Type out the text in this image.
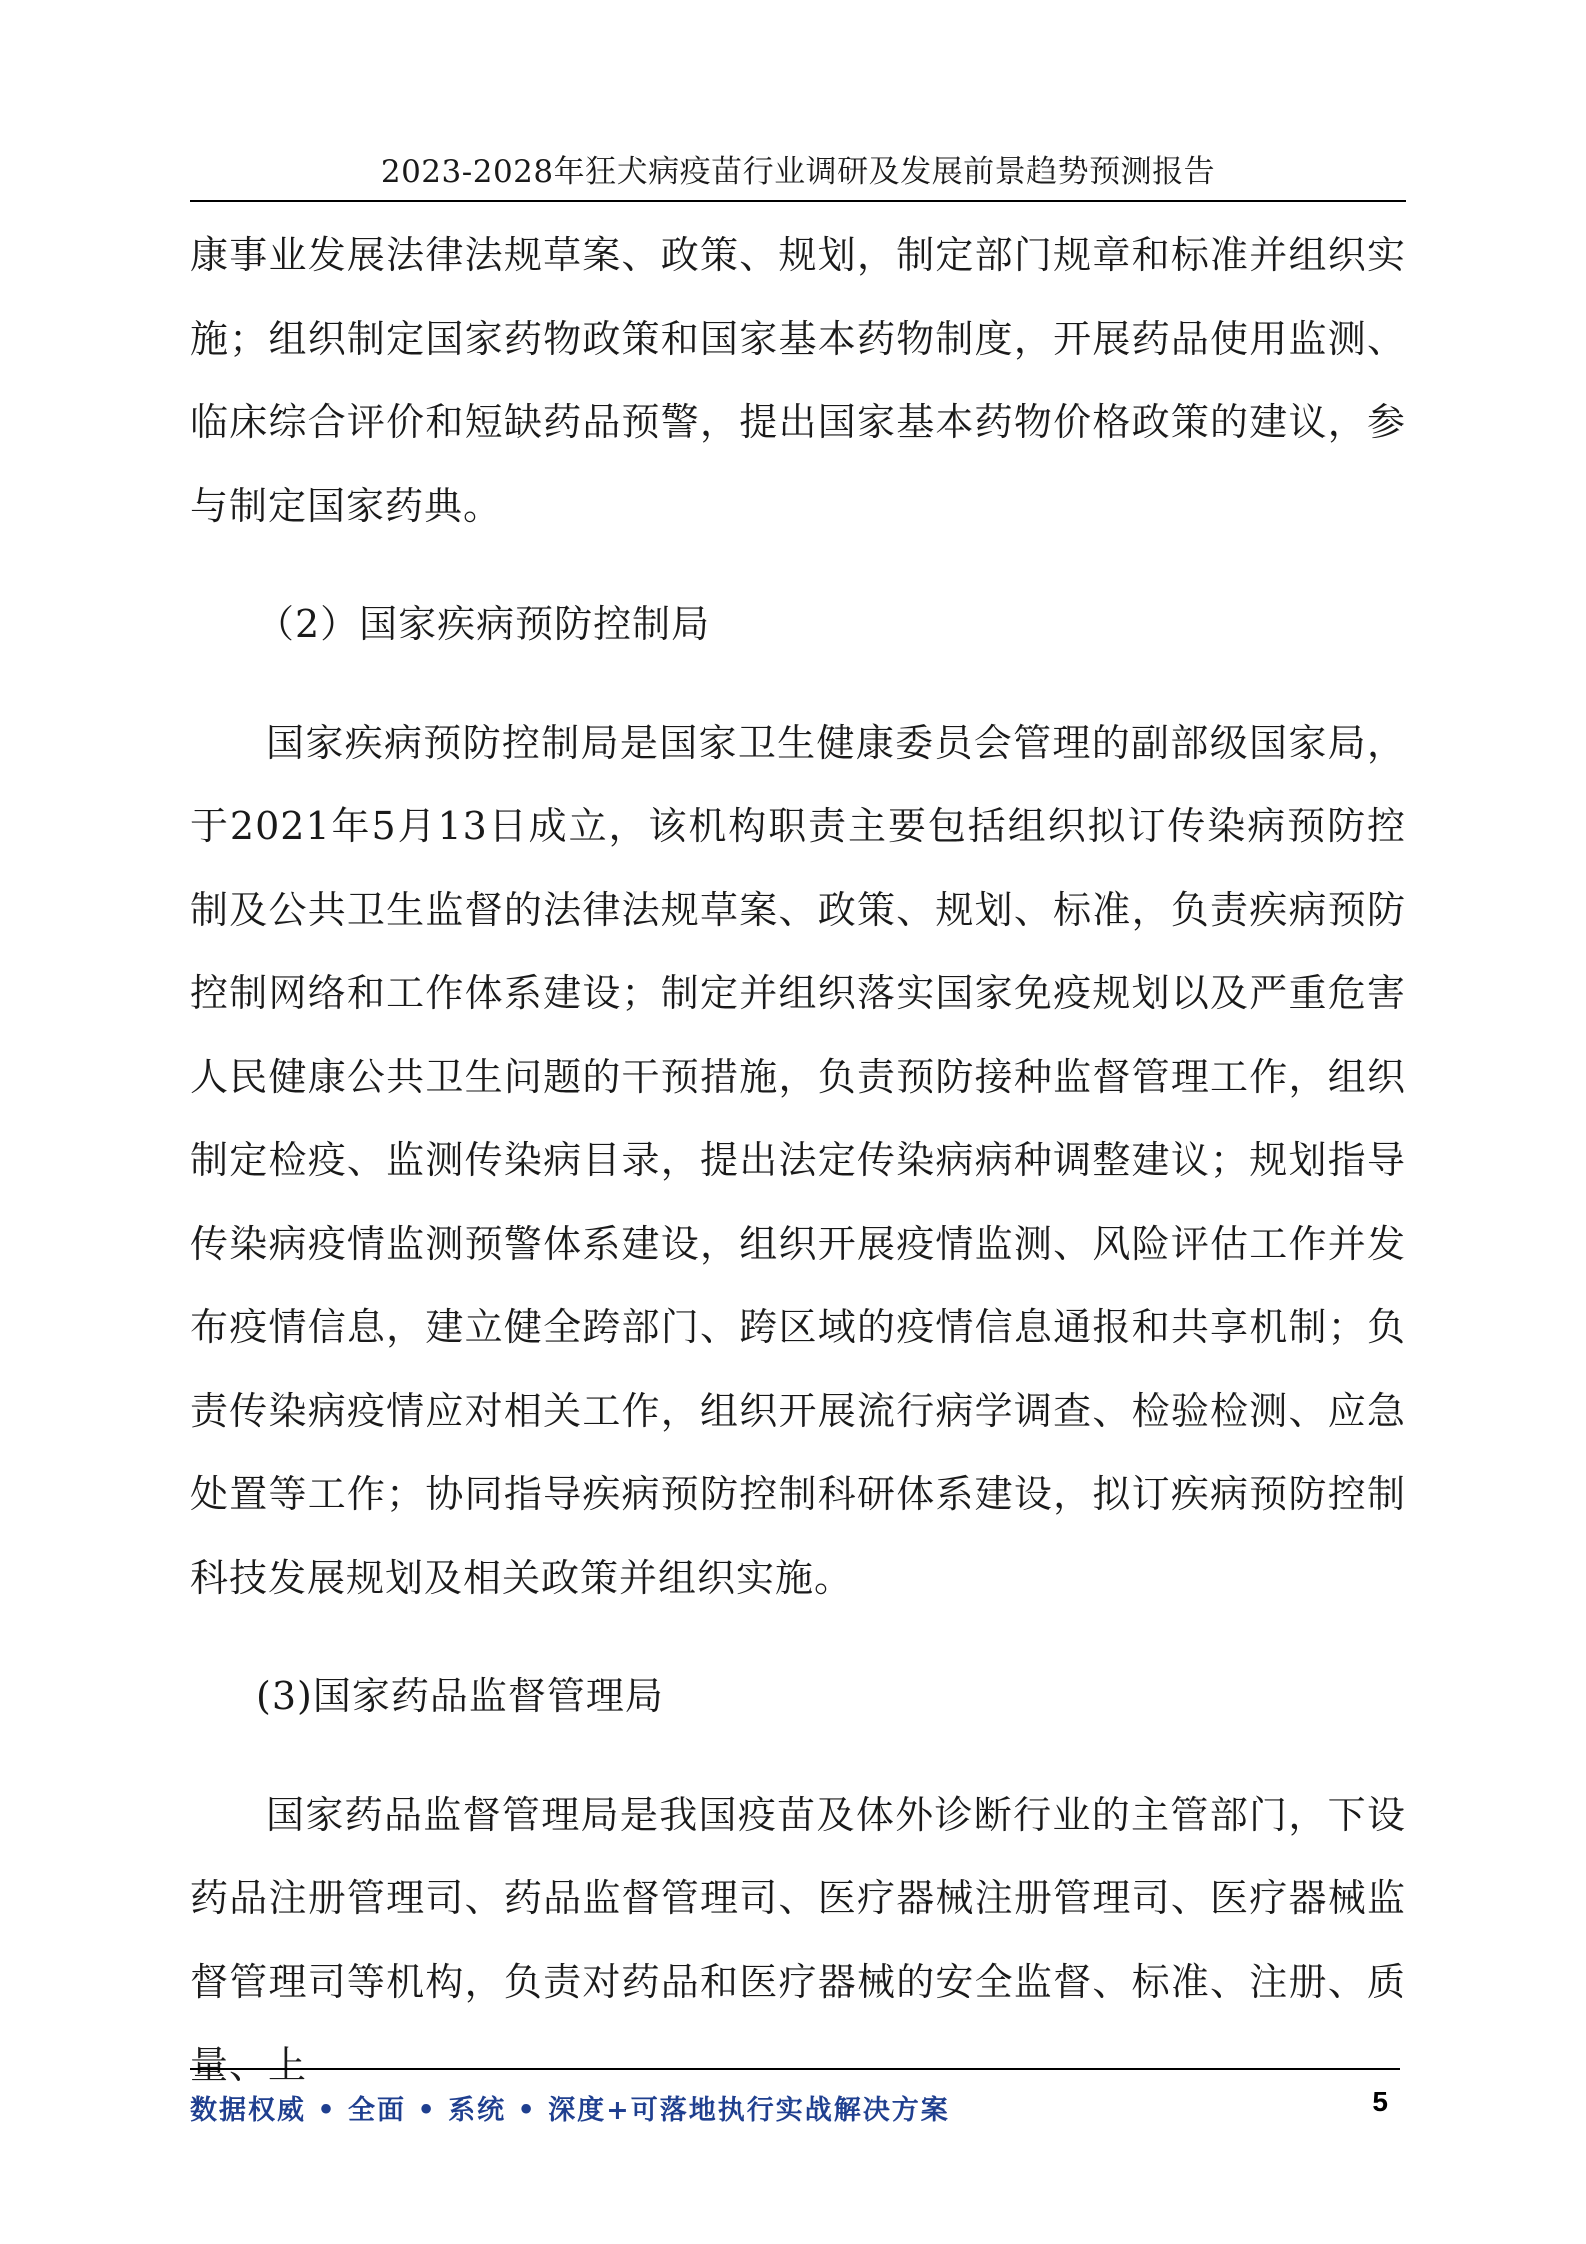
2023-2028年狂犬病疫苗行业调研及发展前景趋势预测报告

康事业发展法律法规草案、政策、规划，制定部门规章和标准并组织实施；组织制定国家药物政策和国家基本药物制度，开展药品使用监测、临床综合评价和短缺药品预警，提出国家基本药物价格政策的建议，参与制定国家药典。

（2）国家疾病预防控制局

国家疾病预防控制局是国家卫生健康委员会管理的副部级国家局，于2021年5月13日成立，该机构职责主要包括组织拟订传染病预防控制及公共卫生监督的法律法规草案、政策、规划、标准，负责疾病预防控制网络和工作体系建设；制定并组织落实国家免疫规划以及严重危害人民健康公共卫生问题的干预措施，负责预防接种监督管理工作，组织制定检疫、监测传染病目录，提出法定传染病病种调整建议；规划指导传染病疫情监测预警体系建设，组织开展疫情监测、风险评估工作并发布疫情信息，建立健全跨部门、跨区域的疫情信息通报和共享机制；负责传染病疫情应对相关工作，组织开展流行病学调查、检验检测、应急处置等工作；协同指导疾病预防控制科研体系建设，拟订疾病预防控制科技发展规划及相关政策并组织实施。

(3)国家药品监督管理局

国家药品监督管理局是我国疫苗及体外诊断行业的主管部门，下设药品注册管理司、药品监督管理司、医疗器械注册管理司、医疗器械监督管理司等机构，负责对药品和医疗器械的安全监督、标准、注册、质量、上

数据权威 • 全面 • 系统 • 深度+可落地执行实战解决方案	5
